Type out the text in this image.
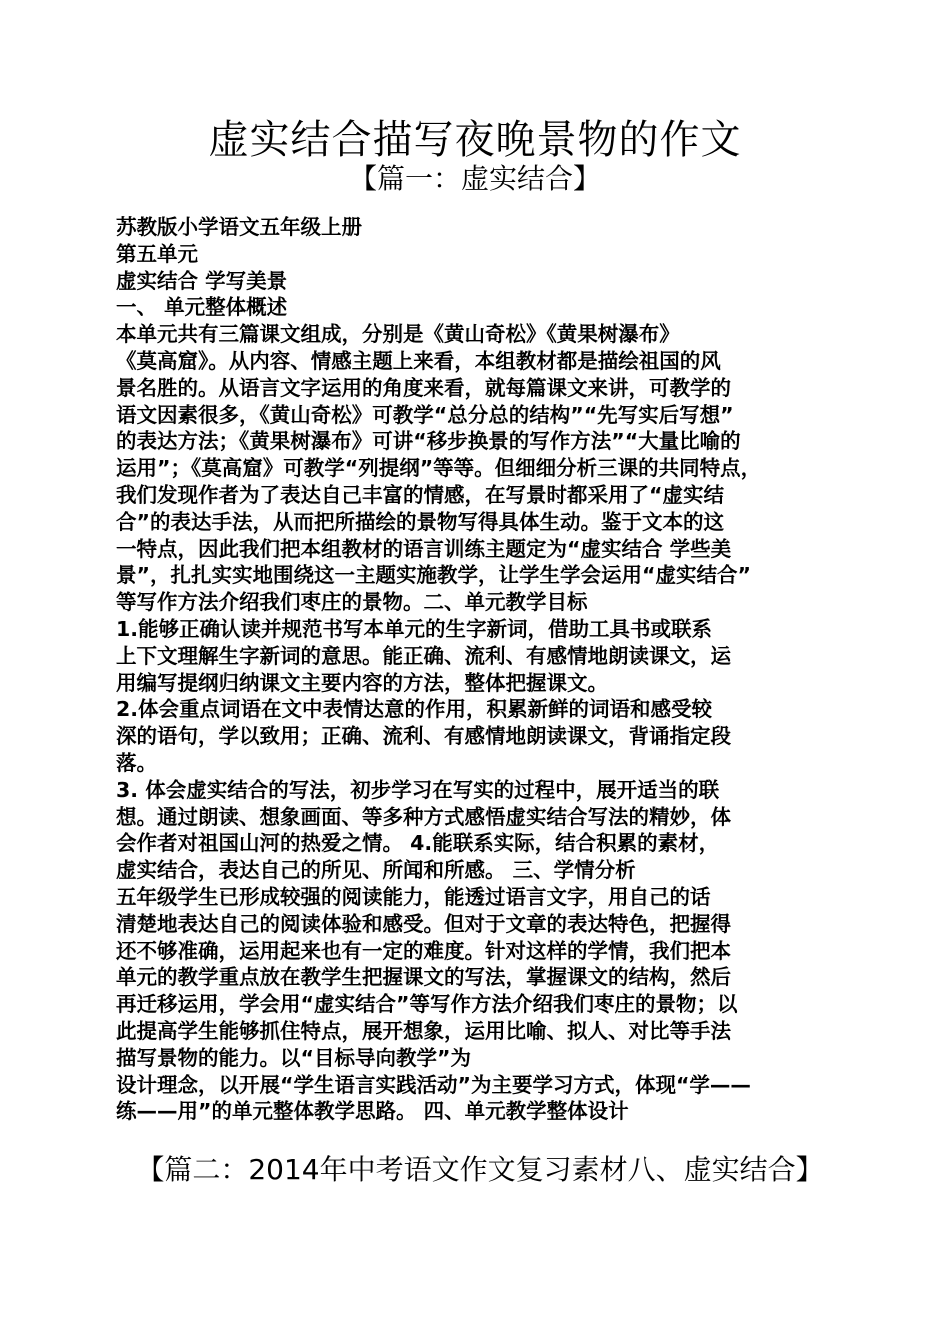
虚实结合描写夜晚景物的作文
【篇一：虚实结合】
苏教版小学语文五年级上册
第五单元
虚实结合 学写美景
一、 单元整体概述
本单元共有三篇课文组成，分别是《黄山奇松》《黄果树瀑布》
《莫高窟》。从内容、情感主题上来看，本组教材都是描绘祖国的风
景名胜的。从语言文字运用的角度来看，就每篇课文来讲，可教学的
语文因素很多，《黄山奇松》可教学“总分总的结构”“先写实后写想”
的表达方法；《黄果树瀑布》可讲“移步换景的写作方法”“大量比喻的
运用”；《莫高窟》可教学“列提纲”等等。但细细分析三课的共同特点，
我们发现作者为了表达自己丰富的情感，在写景时都采用了“虚实结
合”的表达手法，从而把所描绘的景物写得具体生动。鉴于文本的这
一特点，因此我们把本组教材的语言训练主题定为“虚实结合 学些美
景”，扎扎实实地围绕这一主题实施教学，让学生学会运用“虚实结合”
等写作方法介绍我们枣庄的景物。二、单元教学目标
1.能够正确认读并规范书写本单元的生字新词，借助工具书或联系
上下文理解生字新词的意思。能正确、流利、有感情地朗读课文，运
用编写提纲归纳课文主要内容的方法，整体把握课文。
2.体会重点词语在文中表情达意的作用，积累新鲜的词语和感受较
深的语句，学以致用；正确、流利、有感情地朗读课文，背诵指定段
落。
3. 体会虚实结合的写法，初步学习在写实的过程中，展开适当的联
想。通过朗读、想象画面、等多种方式感悟虚实结合写法的精妙，体
会作者对祖国山河的热爱之情。 4.能联系实际，结合积累的素材，
虚实结合，表达自己的所见、所闻和所感。 三、学情分析
五年级学生已形成较强的阅读能力，能透过语言文字，用自己的话
清楚地表达自己的阅读体验和感受。但对于文章的表达特色，把握得
还不够准确，运用起来也有一定的难度。针对这样的学情，我们把本
单元的教学重点放在教学生把握课文的写法，掌握课文的结构，然后
再迁移运用，学会用“虚实结合”等写作方法介绍我们枣庄的景物；以
此提高学生能够抓住特点，展开想象，运用比喻、拟人、对比等手法
描写景物的能力。以“目标导向教学”为
设计理念，以开展“学生语言实践活动”为主要学习方式，体现“学——
练——用”的单元整体教学思路。 四、单元教学整体设计
【篇二：2014年中考语文作文复习素材八、虚实结合】
